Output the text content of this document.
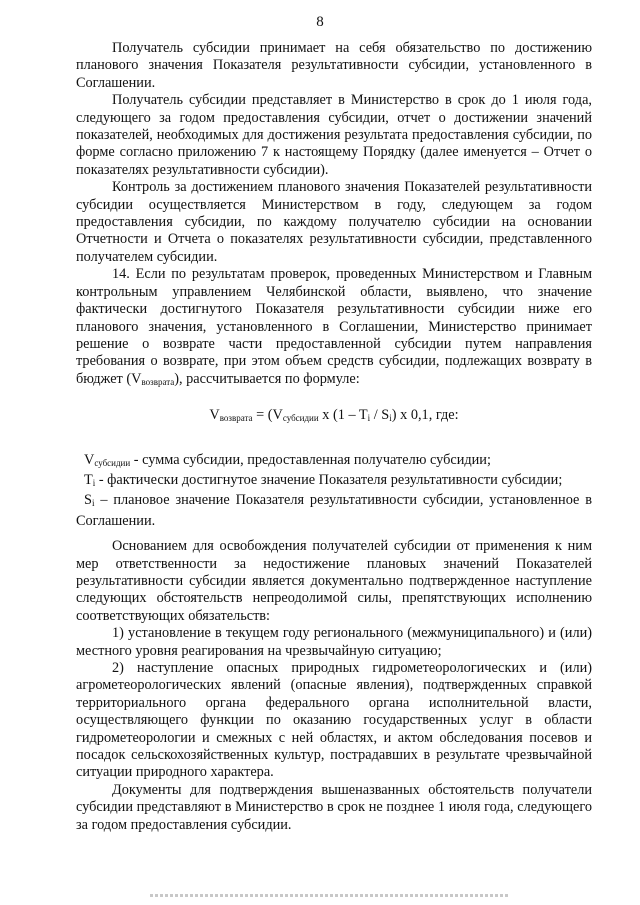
8

Получатель субсидии принимает на себя обязательство по достижению планового значения Показателя результативности субсидии, установленного в Соглашении.

Получатель субсидии представляет в Министерство в срок до 1 июля года, следующего за годом предоставления субсидии, отчет о достижении значений показателей, необходимых для достижения результата предоставления субсидии, по форме согласно приложению 7 к настоящему Порядку (далее именуется – Отчет о показателях результативности субсидии).

Контроль за достижением планового значения Показателей результативности субсидии осуществляется Министерством в году, следующем за годом предоставления субсидии, по каждому получателю субсидии на основании Отчетности и Отчета о показателях результативности субсидии, представленного получателем субсидии.

14. Если по результатам проверок, проведенных Министерством и Главным контрольным управлением Челябинской области, выявлено, что значение фактически достигнутого Показателя результативности субсидии ниже его планового значения, установленного в Соглашении, Министерство принимает решение о возврате части предоставленной субсидии путем направления требования о возврате, при этом объем средств субсидии, подлежащих возврату в бюджет $(V_{возврата})$, рассчитывается по формуле:

$V_{возврата} = (V_{субсидии}$ x $(1 - T_i / S_i)$ x 0,1, где:

$V_{субсидии}$ - сумма субсидии, предоставленная получателю субсидии;

$T_i$ - фактически достигнутое значение Показателя результативности субсидии;

$S_i$ – плановое значение Показателя результативности субсидии, установленное в Соглашении.

Основанием для освобождения получателей субсидии от применения к ним мер ответственности за недостижение плановых значений Показателей результативности субсидии является документально подтвержденное наступление следующих обстоятельств непреодолимой силы, препятствующих исполнению соответствующих обязательств:

1) установление в текущем году регионального (межмуниципального) и (или) местного уровня реагирования на чрезвычайную ситуацию;

2) наступление опасных природных гидрометеорологических и (или) агрометеорологических явлений (опасные явления), подтвержденных справкой территориального органа федерального органа исполнительной власти, осуществляющего функции по оказанию государственных услуг в области гидрометеорологии и смежных с ней областях, и актом обследования посевов и посадок сельскохозяйственных культур, пострадавших в результате чрезвычайной ситуации природного характера.

Документы для подтверждения вышеназванных обстоятельств получатели субсидии представляют в Министерство в срок не позднее 1 июля года, следующего за годом предоставления субсидии.
